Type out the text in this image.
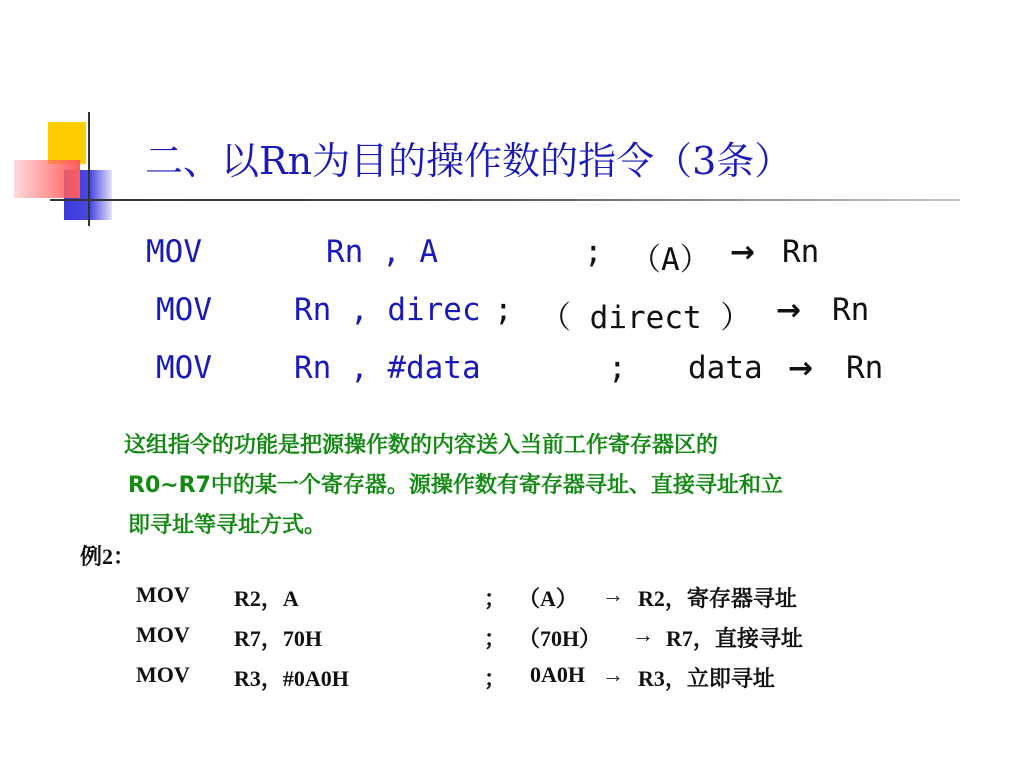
二、以Rn为目的操作数的指令（3条）
MOV	Rn , A	; （A） → Rn
MOV	Rn , direc ; （ direct ） → Rn
MOV	Rn , #data	; data → Rn
这组指令的功能是把源操作数的内容送入当前工作寄存器区的
R0~R7中的某一个寄存器。源操作数有寄存器寻址、直接寻址和立
即寻址等寻址方式。
例2：
MOV R2，A	； （A） → R2，寄存器寻址
MOV R7，70H	； （70H） → R7，直接寻址
MOV R3，#0A0H	； 0A0H → R3，立即寻址
